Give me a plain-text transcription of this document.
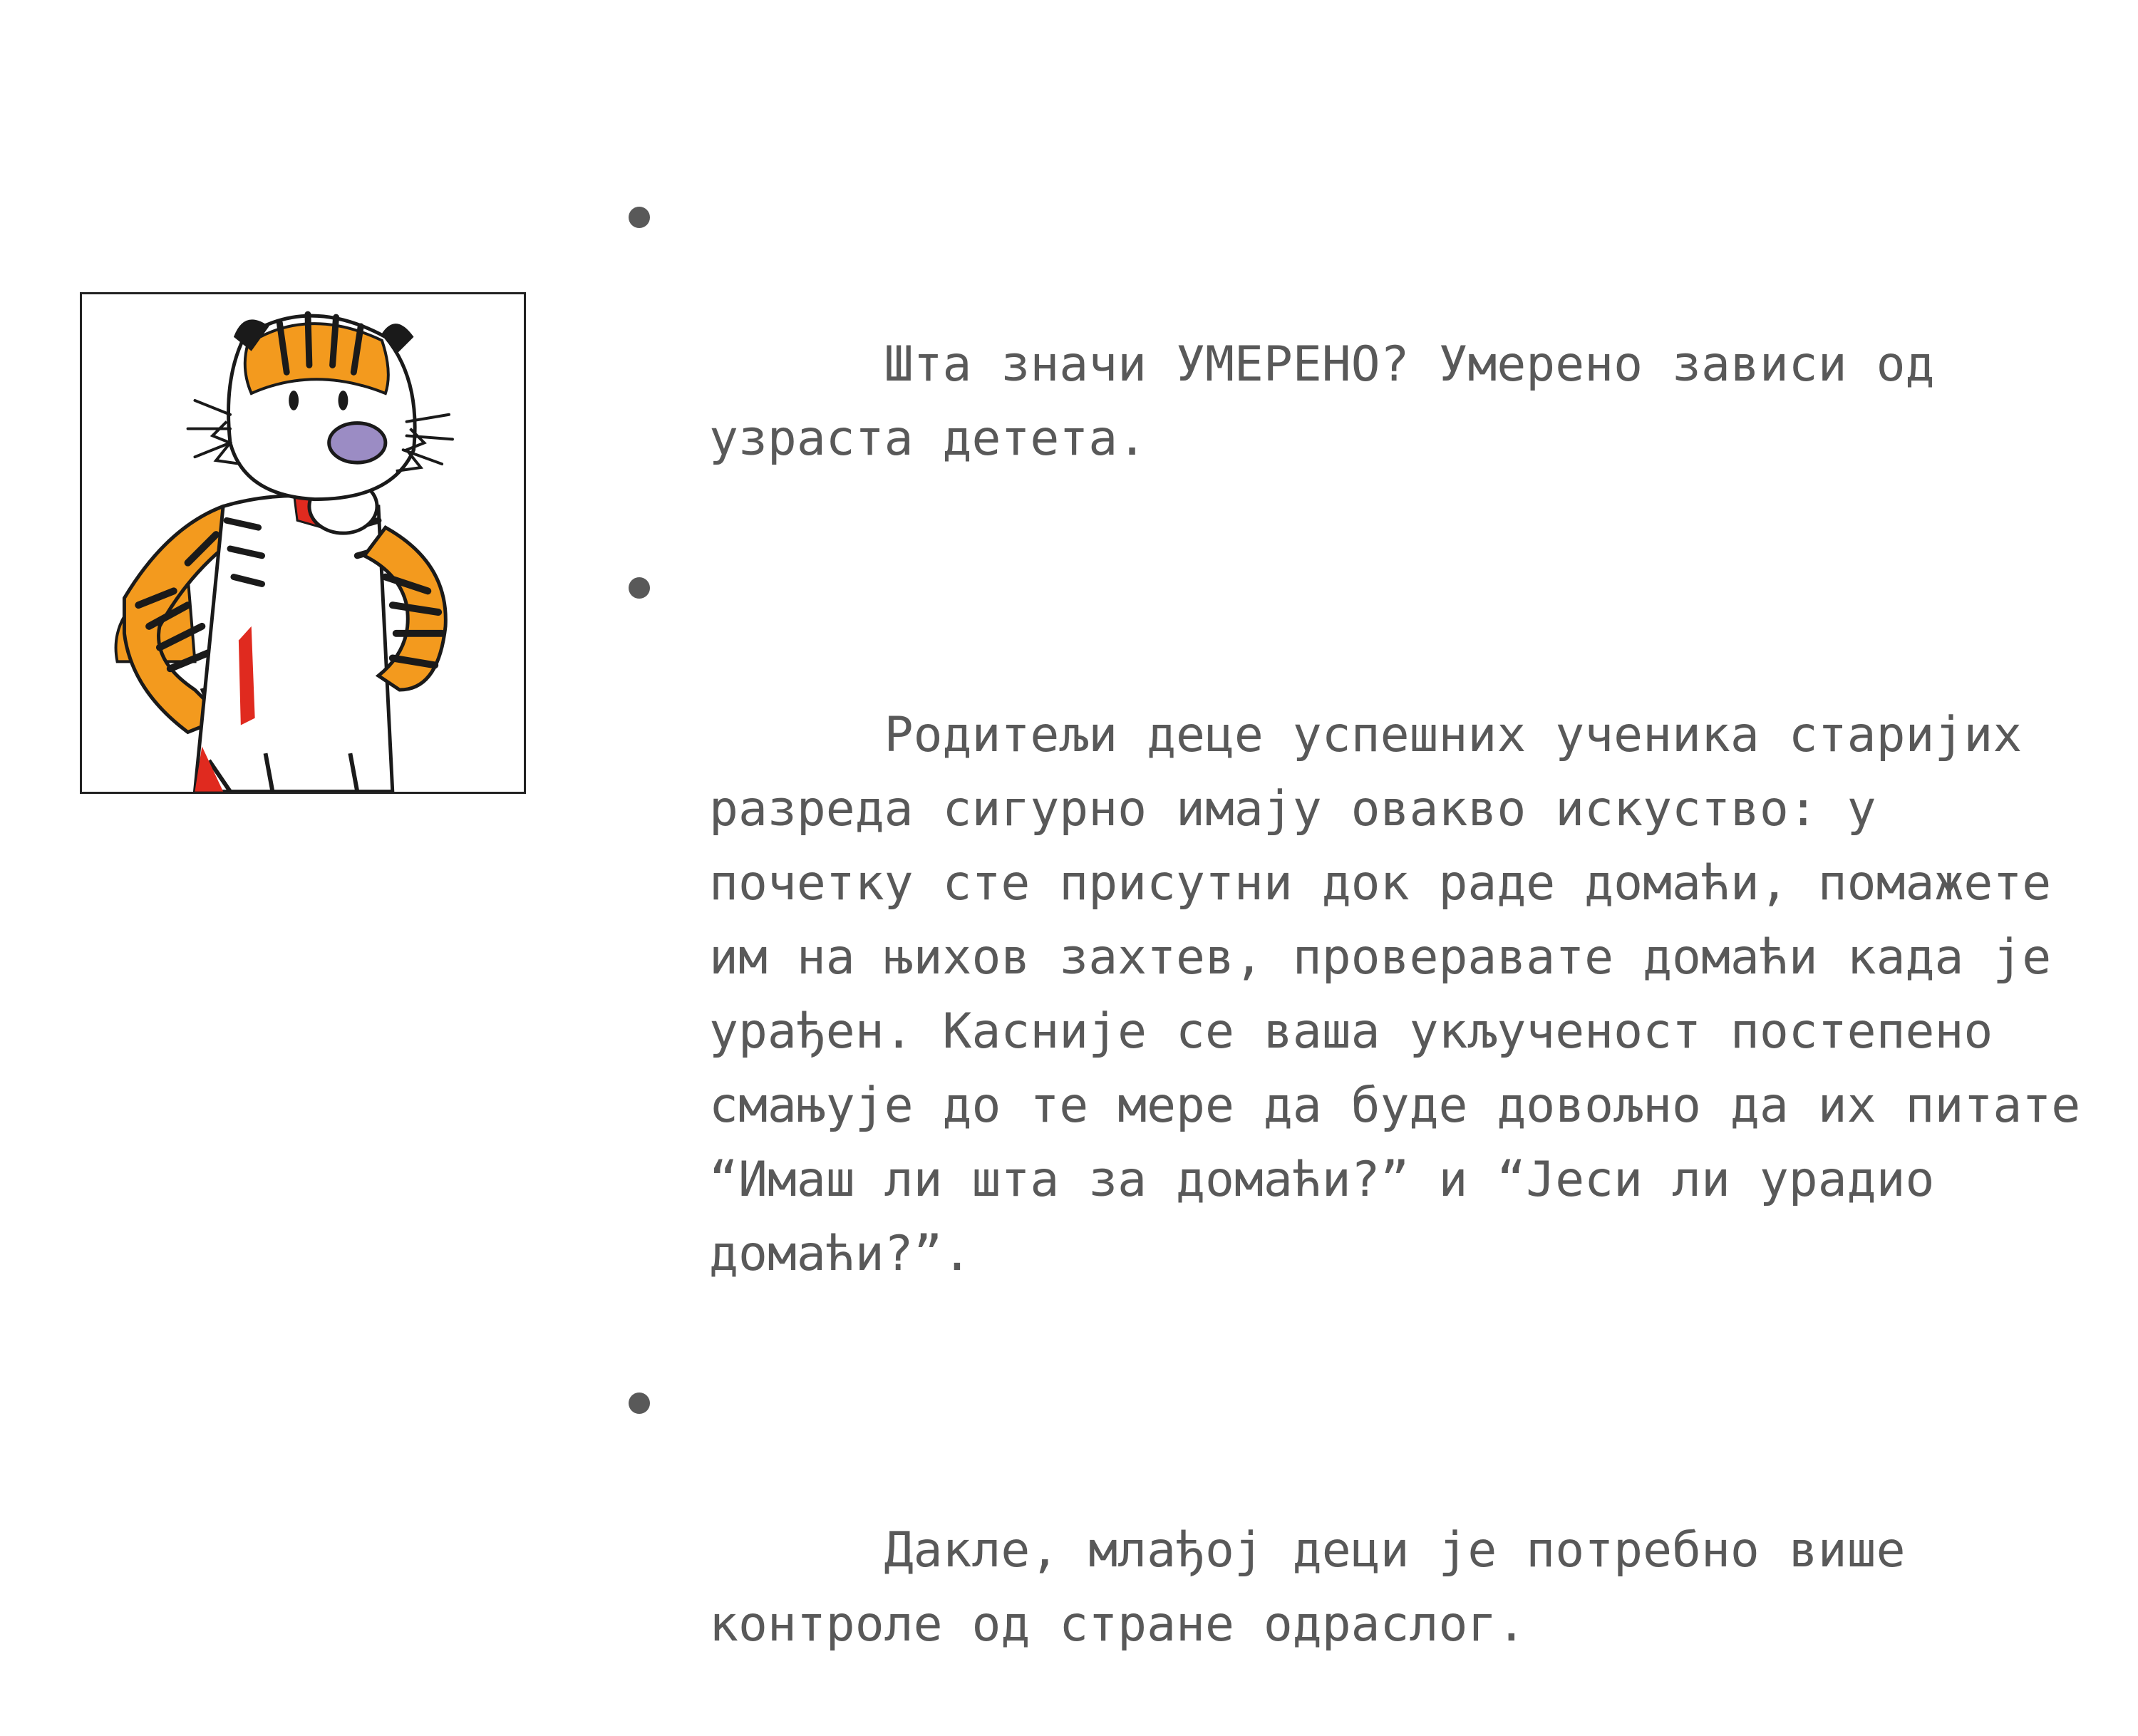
Шта значи УМЕРЕНО? Умерено зависи од узраста детета.

Родитељи деце успешних ученика старијих разреда сигурно имају овакво искуство: у почетку сте присутни док раде домаћи, помажете им на њихов захтев, проверавате домаћи када је урађен. Касније се ваша укљученост постепено смањује до те мере да буде довољно да их питате “Имаш ли шта за домаћи?” и “Јеси ли урадио домаћи?”.

Дакле, млађој деци је потребно више контроле од стране одраслог.
